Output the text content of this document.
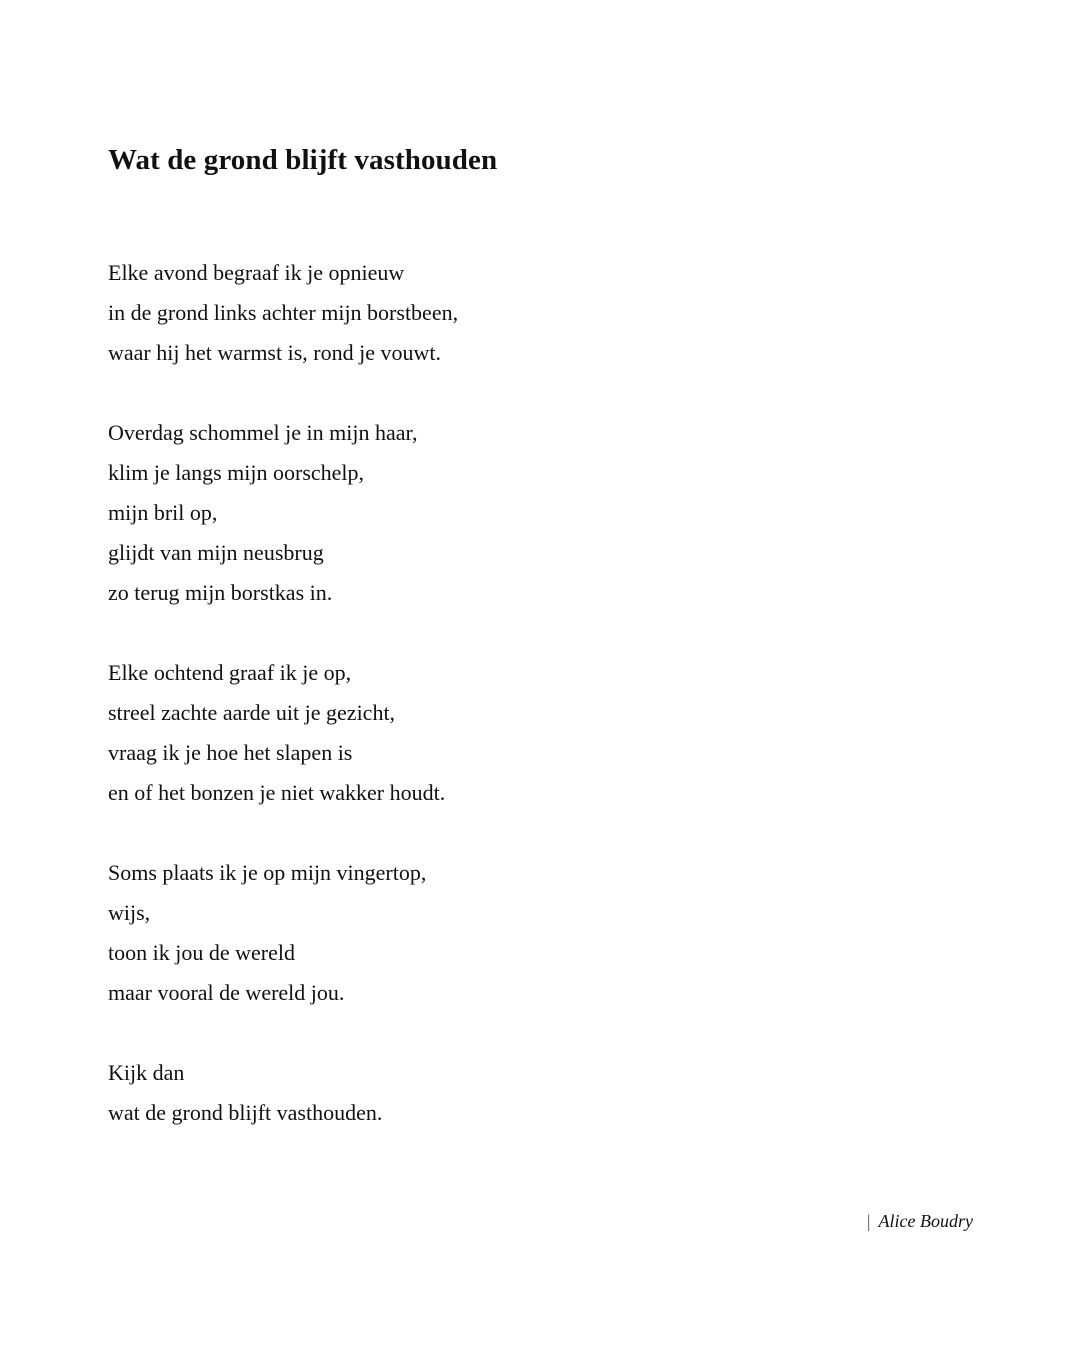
Wat de grond blijft vasthouden
Elke avond begraaf ik je opnieuw
in de grond links achter mijn borstbeen,
waar hij het warmst is, rond je vouwt.
Overdag schommel je in mijn haar,
klim je langs mijn oorschelp,
mijn bril op,
glijdt van mijn neusbrug
zo terug mijn borstkas in.
Elke ochtend graaf ik je op,
streel zachte aarde uit je gezicht,
vraag ik je hoe het slapen is
en of het bonzen je niet wakker houdt.
Soms plaats ik je op mijn vingertop,
wijs,
toon ik jou de wereld
maar vooral de wereld jou.
Kijk dan
wat de grond blijft vasthouden.
| Alice Boudry
